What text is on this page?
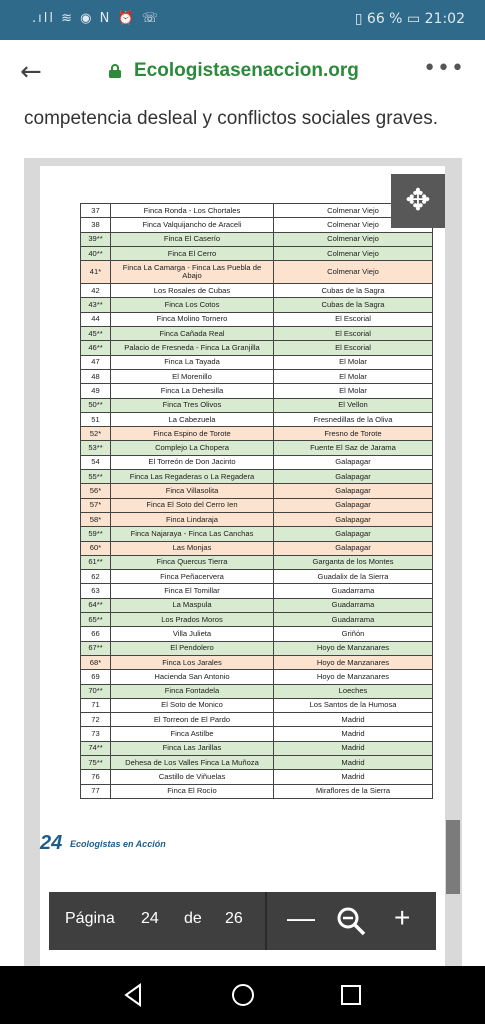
.ıll ≋ ◉ N ⏰ ☏	▯ 66 % ▭ 21:02
←	Ecologistasenaccion.org	•••
competencia desleal y conflictos sociales graves.
37	Finca Ronda - Los Chortales	Colmenar Viejo
38	Finca Valquijancho de Araceli	Colmenar Viejo
39**	Finca El Caserío	Colmenar Viejo
40**	Finca El Cerro	Colmenar Viejo
41*	Finca La Camarga - Finca Las Puebla de Abajo	Colmenar Viejo
42	Los Rosales de Cubas	Cubas de la Sagra
43**	Finca Los Cotos	Cubas de la Sagra
44	Finca Molino Tornero	El Escorial
45**	Finca Cañada Real	El Escorial
46**	Palacio de Fresneda - Finca La Granjilla	El Escorial
47	Finca La Tayada	El Molar
48	El Morenillo	El Molar
49	Finca La Dehesilla	El Molar
50**	Finca Tres Olivos	El Vellon
51	La Cabezuela	Fresnedillas de la Oliva
52*	Finca Espino de Torote	Fresno de Torote
53**	Complejo La Chopera	Fuente El Saz de Jarama
54	El Torreón de Don Jacinto	Galapagar
55**	Finca Las Regaderas o La Regadera	Galapagar
56*	Finca Villasolita	Galapagar
57*	Finca El Soto del Cerro Ien	Galapagar
58*	Finca Lindaraja	Galapagar
59**	Finca Najaraya - Finca Las Canchas	Galapagar
60*	Las Monjas	Galapagar
61**	Finca Quercus Tierra	Garganta de los Montes
62	Finca Peñacervera	Guadalix de la Sierra
63	Finca El Tomillar	Guadarrama
64**	La Maspula	Guadarrama
65**	Los Prados Moros	Guadarrama
66	Villa Julieta	Griñón
67**	El Pendolero	Hoyo de Manzanares
68*	Finca Los Jarales	Hoyo de Manzanares
69	Hacienda San Antonio	Hoyo de Manzanares
70**	Finca Fontadela	Loeches
71	El Soto de Monico	Los Santos de la Humosa
72	El Torreon de El Pardo	Madrid
73	Finca Astilbe	Madrid
74**	Finca Las Jarillas	Madrid
75**	Dehesa de Los Valles Finca La Muñoza	Madrid
76	Castillo de Viñuelas	Madrid
77	Finca El Rocío	Miraflores de la Sierra
24 Ecologistas en Acción
✥
Página 24 de 26 —	+
